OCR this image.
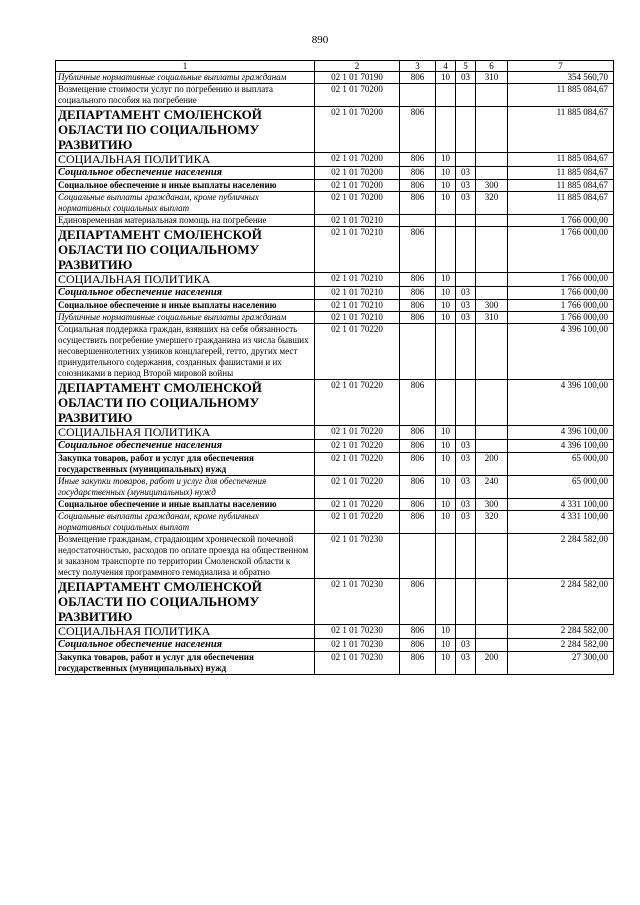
890
1	2	3	4	5	6	7
Публичные нормативные социальные выплаты гражданам	02 1 01 70190	806	10	03	310	354 560,70
Возмещение стоимости услуг по погребению и выплата социального пособия на погребение	02 1 01 70200					11 885 084,67
ДЕПАРТАМЕНТ СМОЛЕНСКОЙ ОБЛАСТИ ПО СОЦИАЛЬНОМУ РАЗВИТИЮ	02 1 01 70200	806				11 885 084,67
СОЦИАЛЬНАЯ ПОЛИТИКА	02 1 01 70200	806	10			11 885 084,67
Социальное обеспечение населения	02 1 01 70200	806	10	03		11 885 084,67
Социальное обеспечение и иные выплаты населению	02 1 01 70200	806	10	03	300	11 885 084,67
Социальные выплаты гражданам, кроме публичных нормативных социальных выплат	02 1 01 70200	806	10	03	320	11 885 084,67
Единовременная материальная помощь на погребение	02 1 01 70210					1 766 000,00
ДЕПАРТАМЕНТ СМОЛЕНСКОЙ ОБЛАСТИ ПО СОЦИАЛЬНОМУ РАЗВИТИЮ	02 1 01 70210	806				1 766 000,00
СОЦИАЛЬНАЯ ПОЛИТИКА	02 1 01 70210	806	10			1 766 000,00
Социальное обеспечение населения	02 1 01 70210	806	10	03		1 766 000,00
Социальное обеспечение и иные выплаты населению	02 1 01 70210	806	10	03	300	1 766 000,00
Публичные нормативные социальные выплаты гражданам	02 1 01 70210	806	10	03	310	1 766 000,00
Социальная поддержка граждан, взявших на себя обязанность осуществить погребение умершего гражданина из числа бывших несовершеннолетних узников концлагерей, гетто, других мест принудительного содержания, созданных фашистами и их союзниками в период Второй мировой войны	02 1 01 70220					4 396 100,00
ДЕПАРТАМЕНТ СМОЛЕНСКОЙ ОБЛАСТИ ПО СОЦИАЛЬНОМУ РАЗВИТИЮ	02 1 01 70220	806				4 396 100,00
СОЦИАЛЬНАЯ ПОЛИТИКА	02 1 01 70220	806	10			4 396 100,00
Социальное обеспечение населения	02 1 01 70220	806	10	03		4 396 100,00
Закупка товаров, работ и услуг для обеспечения государственных (муниципальных) нужд	02 1 01 70220	806	10	03	200	65 000,00
Иные закупки товаров, работ и услуг для обеспечения государственных (муниципальных) нужд	02 1 01 70220	806	10	03	240	65 000,00
Социальное обеспечение и иные выплаты населению	02 1 01 70220	806	10	03	300	4 331 100,00
Социальные выплаты гражданам, кроме публичных нормативных социальных выплат	02 1 01 70220	806	10	03	320	4 331 100,00
Возмещение гражданам, страдающим хронической почечной недостаточностью, расходов по оплате проезда на общественном и заказном транспорте по территории Смоленской области к месту получения программного гемодиализа и обратно	02 1 01 70230					2 284 582,00
ДЕПАРТАМЕНТ СМОЛЕНСКОЙ ОБЛАСТИ ПО СОЦИАЛЬНОМУ РАЗВИТИЮ	02 1 01 70230	806				2 284 582,00
СОЦИАЛЬНАЯ ПОЛИТИКА	02 1 01 70230	806	10			2 284 582,00
Социальное обеспечение населения	02 1 01 70230	806	10	03		2 284 582,00
Закупка товаров, работ и услуг для обеспечения государственных (муниципальных) нужд	02 1 01 70230	806	10	03	200	27 300,00
